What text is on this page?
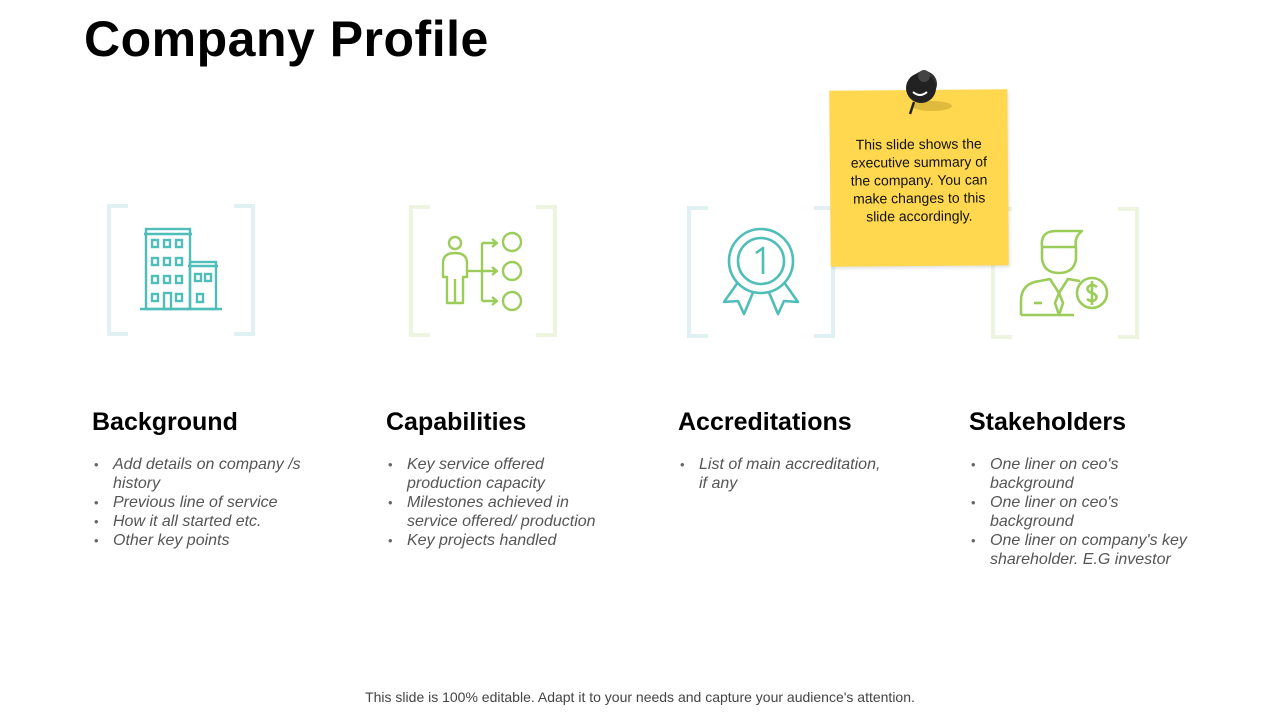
Company Profile
This slide shows the executive summary of the company. You can make changes to this slide accordingly.
Background
• Add details on company /s history
• Previous line of service
• How it all started etc.
• Other key points
Capabilities
• Key service offered production capacity
• Milestones achieved in service offered/ production
• Key projects handled
Accreditations
• List of main accreditation, if any
Stakeholders
• One liner on ceo's background
• One liner on ceo's background
• One liner on company's key shareholder. E.G investor
This slide is 100% editable. Adapt it to your needs and capture your audience's attention.
